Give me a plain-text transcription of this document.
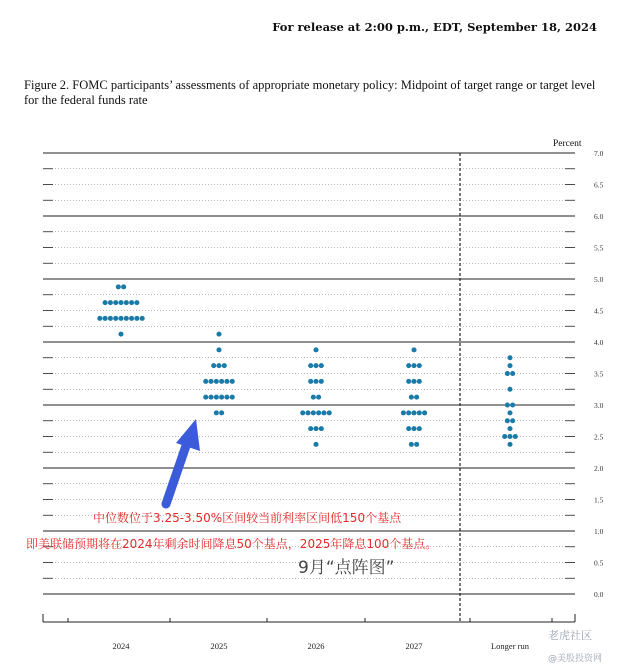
For release at 2:00 p.m., EDT, September 18, 2024
Figure 2. FOMC participants’ assessments of appropriate monetary policy: Midpoint of target range or target level for the federal funds rate
Percent
0.0
0.5
1.0
1.5
2.0
2.5
3.0
3.5
4.0
4.5
5.0
5.5
6.0
6.5
7.0
2024	2025	2026	2027	Longer run
中位数位于3.25-3.50%区间较当前利率区间低150个基点
即美联储预期将在2024年剩余时间降息50个基点，2025年降息100个基点。
9月“点阵图”
老虎社区
@美股投资网
